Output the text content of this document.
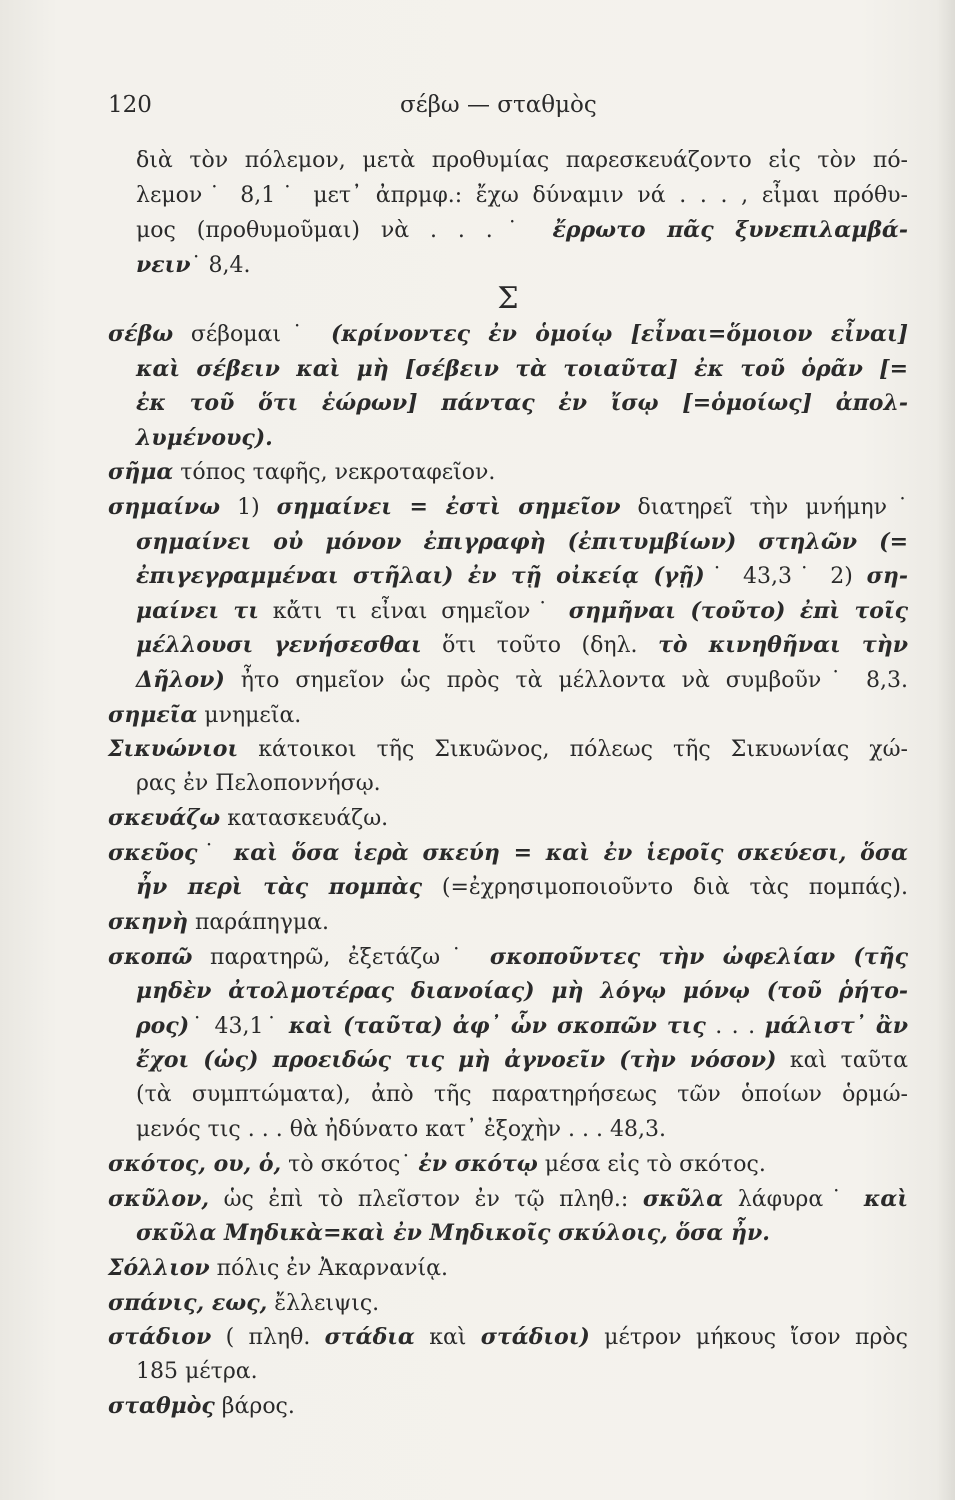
120	σέβω — σταθμὸς
διὰ τὸν πόλεμον, μετὰ προθυμίας παρεσκευάζοντο εἰς τὸν πό-
λεμον˙ 8,1˙ μετ᾿ ἀπρμφ.: ἔχω δύναμιν νά . . . , εἶμαι πρόθυ-
μος (προθυμοῦμαι) νὰ . . .˙ ἔρρωτο πᾶς ξυνεπιλαμβά-
νειν˙ 8,4.
Σ
σέβω σέβομαι˙ (κρίνοντες ἐν ὁμοίῳ [εἶναι=ὅμοιον εἶναι]
καὶ σέβειν καὶ μὴ [σέβειν τὰ τοιαῦτα] ἐκ τοῦ ὁρᾶν [=
ἐκ τοῦ ὅτι ἑώρων] πάντας ἐν ἴσῳ [=ὁμοίως] ἀπολ-
λυμένους).
σῆμα τόπος ταφῆς, νεκροταφεῖον.
σημαίνω 1) σημαίνει = ἐστὶ σημεῖον διατηρεῖ τὴν μνήμην˙
σημαίνει οὐ μόνον ἐπιγραφὴ (ἐπιτυμβίων) στηλῶν (=
ἐπιγεγραμμέναι στῆλαι) ἐν τῇ οἰκείᾳ (γῇ)˙ 43,3˙ 2) ση-
μαίνει τι κἄτι τι εἶναι σημεῖον˙ σημῆναι (τοῦτο) ἐπὶ τοῖς
μέλλουσι γενήσεσθαι ὅτι τοῦτο (δηλ. τὸ κινηθῆναι τὴν
Δῆλον) ἦτο σημεῖον ὡς πρὸς τὰ μέλλοντα νὰ συμβοῦν˙ 8,3.
σημεῖα μνημεῖα.
Σικυώνιοι κάτοικοι τῆς Σικυῶνος, πόλεως τῆς Σικυωνίας χώ-
ρας ἐν Πελοποννήσῳ.
σκευάζω κατασκευάζω.
σκεῦος˙ καὶ ὅσα ἱερὰ σκεύη = καὶ ἐν ἱεροῖς σκεύεσι, ὅσα
ἦν περὶ τὰς πομπὰς (=ἐχρησιμοποιοῦντο διὰ τὰς πομπάς).
σκηνὴ παράπηγμα.
σκοπῶ παρατηρῶ, ἐξετάζω˙ σκοποῦντες τὴν ὠφελίαν (τῆς
μηδὲν ἀτολμοτέρας διανοίας) μὴ λόγῳ μόνῳ (τοῦ ῥήτο-
ρος)˙ 43,1˙ καὶ (ταῦτα) ἀφ᾿ ὧν σκοπῶν τις . . . μάλιστ᾿ ἂν
ἔχοι (ὡς) προειδώς τις μὴ ἀγνοεῖν (τὴν νόσον) καὶ ταῦτα
(τὰ συμπτώματα), ἀπὸ τῆς παρατηρήσεως τῶν ὁποίων ὁρμώ-
μενός τις . . . θὰ ἠδύνατο κατ᾿ ἐξοχὴν . . . 48,3.
σκότος, ου, ὁ, τὸ σκότος˙ ἐν σκότῳ μέσα εἰς τὸ σκότος.
σκῦλον, ὡς ἐπὶ τὸ πλεῖστον ἐν τῷ πληθ.: σκῦλα λάφυρα˙ καὶ
σκῦλα Μηδικὰ=καὶ ἐν Μηδικοῖς σκύλοις, ὅσα ἦν.
Σόλλιον πόλις ἐν Ἀκαρνανίᾳ.
σπάνις, εως, ἔλλειψις.
στάδιον ( πληθ. στάδια καὶ στάδιοι) μέτρον μήκους ἴσον πρὸς
185 μέτρα.
σταθμὸς βάρος.
